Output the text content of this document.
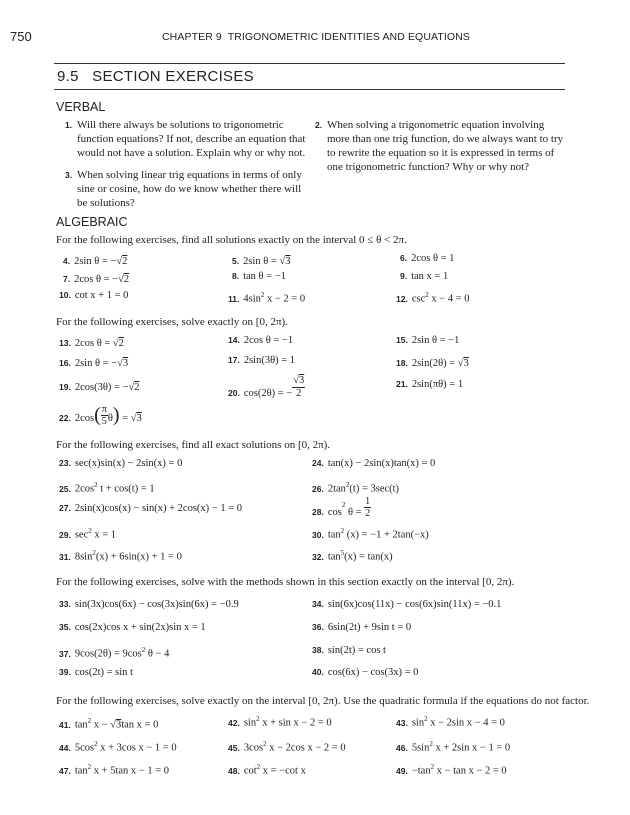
750	CHAPTER 9 TRIGONOMETRIC IDENTITIES AND EQUATIONS
9.5 SECTION EXERCISES
VERBAL
1. Will there always be solutions to trigonometric function equations? If not, describe an equation that would not have a solution. Explain why or why not.
2. When solving a trigonometric equation involving more than one trig function, do we always want to try to rewrite the equation so it is expressed in terms of one trigonometric function? Why or why not?
3. When solving linear trig equations in terms of only sine or cosine, how do we know whether there will be solutions?
ALGEBRAIC
For the following exercises, find all solutions exactly on the interval 0 ≤ θ < 2π.
4. 2sin θ = −√2	5. 2sin θ = √3	6. 2cos θ = 1
7. 2cos θ = −√2	8. tan θ = −1	9. tan x = 1
10. cot x + 1 = 0	11. $4\sin^2$ x − 2 = 0	12. $\csc^2 x - 4 = 0$
For the following exercises, solve exactly on [0, 2π).
13. 2cos θ = √2	14. 2cos θ = −1	15. 2sin θ = −1
16. 2sin θ = −√3	17. 2sin(3θ) = 1	18. 2sin(2θ) = √3
19. 2cos(3θ) = −√2	$_{20.}$ cos(2θ) = − $\frac{√3}{2}$	21. 2sin(πθ) = 1
$_{22.}$ $2\cos( \frac{\pi}{5} \theta) = √3$
For the following exercises, find all exact solutions on [0, 2π).
23. sec(x)sin(x) − 2sin(x) = 0	24. tan(x) − 2sin(x)tan(x) = 0
25. $2\cos^2$ t + cos(t) = 1	26. $2\tan^2(t) = 3\sec(t)$
27. 2sin(x)cos(x) − sin(x) + 2cos(x) − 1 = 0	$_{28.}$ $\cos^2 \theta = \frac{1}{2}$
29. $\sec^2 x = 1$	30. $\tan^2 (x) = -1 + 2\tan(-x)$
31. $8\sin^2(x) + 6\sin(x) + 1 = 0$	32. $\tan^5(x) = \tan(x)$
For the following exercises, solve with the methods shown in this section exactly on the interval [0, 2π).
33. sin(3x)cos(6x) − cos(3x)sin(6x) = −0.9	34. sin(6x)cos(11x) − cos(6x)sin(11x) = −0.1
35. cos(2x)cos x + sin(2x)sin x = 1	36. 6sin(2t) + 9sin t = 0
37. $9\cos(2\theta) = 9\cos^2$ θ − 4	38. sin(2t) = cos t
39. cos(2t) = sin t	40. cos(6x) − cos(3x) = 0
For the following exercises, solve exactly on the interval [0, 2π). Use the quadratic formula if the equations do not factor.
41. $\tan^2 x - √3\tan$ x = 0	42. $\sin^2 x + \sin x - 2 = 0$	43. $\sin^2 x - 2\sin$ x − 4 = 0
44. $5\cos^2$ x + 3cos x − 1 = 0	45. $3\cos^2$ x − 2cos x − 2 = 0	46. $5\sin^2$ x + 2sin x − 1 = 0
47. $\tan^2 x + 5\tan$ x − 1 = 0	48. $\cot^2 x = -\cot$ x	49. $-\tan^2$ x − tan x − 2 = 0
